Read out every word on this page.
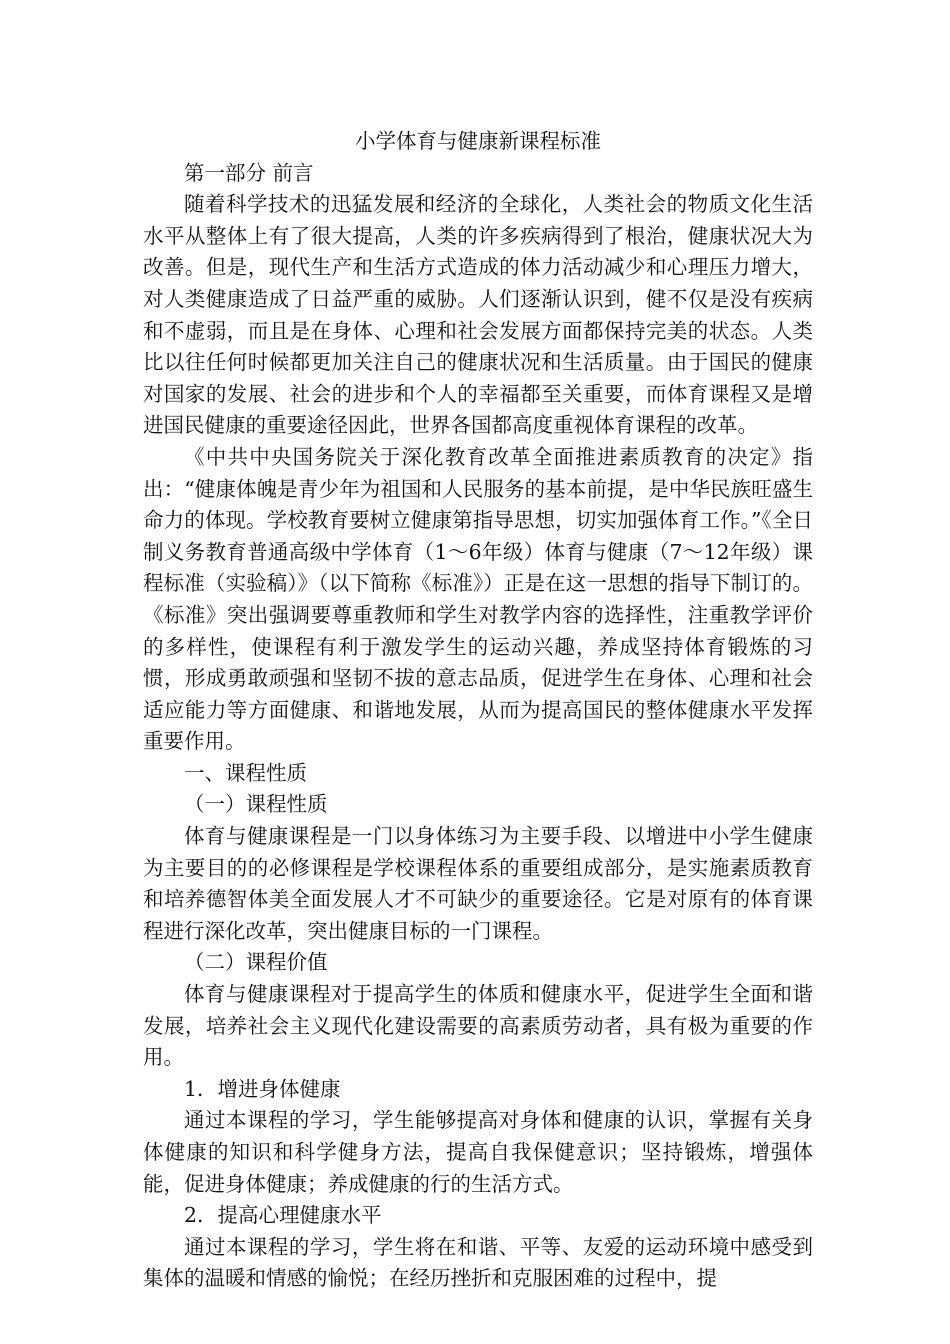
小学体育与健康新课程标准

第一部分 前言

随着科学技术的迅猛发展和经济的全球化，人类社会的物质文化生活水平从整体上有了很大提高，人类的许多疾病得到了根治，健康状况大为改善。但是，现代生产和生活方式造成的体力活动减少和心理压力增大，对人类健康造成了日益严重的威胁。人们逐渐认识到，健不仅是没有疾病和不虚弱，而且是在身体、心理和社会发展方面都保持完美的状态。人类比以往任何时候都更加关注自己的健康状况和生活质量。由于国民的健康对国家的发展、社会的进步和个人的幸福都至关重要，而体育课程又是增进国民健康的重要途径因此，世界各国都高度重视体育课程的改革。

《中共中央国务院关于深化教育改革全面推进素质教育的决定》指出：“健康体魄是青少年为祖国和人民服务的基本前提，是中华民族旺盛生命力的体现。学校教育要树立健康第指导思想，切实加强体育工作。”《全日制义务教育普通高级中学体育（1～6年级）体育与健康（7～12年级）课程标准（实验稿）》（以下简称《标准》）正是在这一思想的指导下制订的。《标准》突出强调要尊重教师和学生对教学内容的选择性，注重教学评价的多样性，使课程有利于激发学生的运动兴趣，养成坚持体育锻炼的习惯，形成勇敢顽强和坚韧不拔的意志品质，促进学生在身体、心理和社会适应能力等方面健康、和谐地发展，从而为提高国民的整体健康水平发挥重要作用。

一、课程性质

（一）课程性质

体育与健康课程是一门以身体练习为主要手段、以增进中小学生健康为主要目的的必修课程是学校课程体系的重要组成部分，是实施素质教育和培养德智体美全面发展人才不可缺少的重要途径。它是对原有的体育课程进行深化改革，突出健康目标的一门课程。

（二）课程价值

体育与健康课程对于提高学生的体质和健康水平，促进学生全面和谐发展，培养社会主义现代化建设需要的高素质劳动者，具有极为重要的作用。

1．增进身体健康

通过本课程的学习，学生能够提高对身体和健康的认识，掌握有关身体健康的知识和科学健身方法，提高自我保健意识；坚持锻炼，增强体能，促进身体健康；养成健康的行的生活方式。

2．提高心理健康水平

通过本课程的学习，学生将在和谐、平等、友爱的运动环境中感受到集体的温暖和情感的愉悦；在经历挫折和克服困难的过程中，提
